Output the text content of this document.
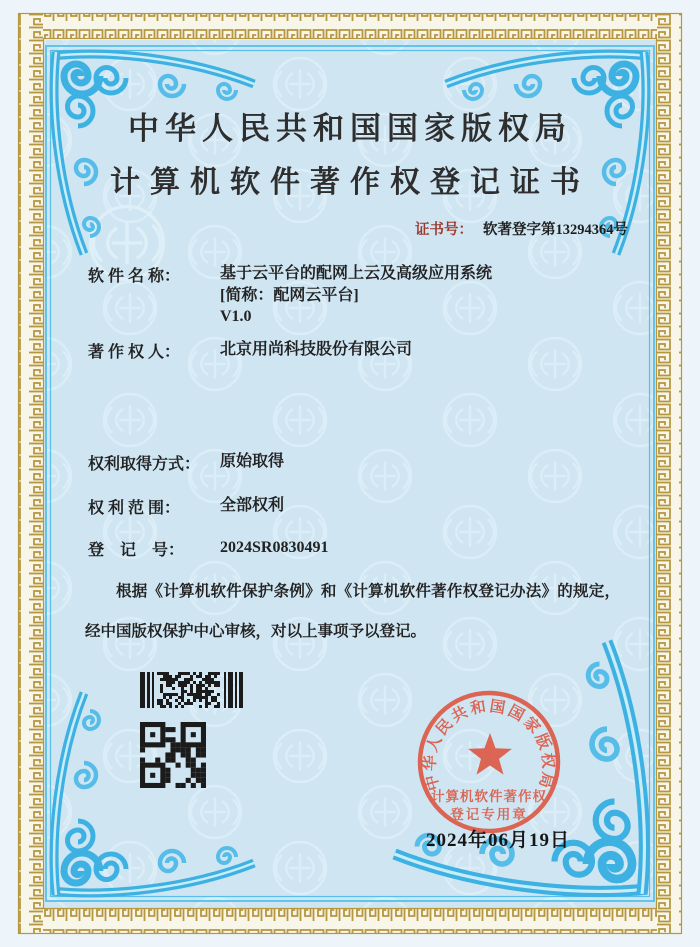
中华人民共和国国家版权局
计算机软件著作权登记证书
证书号： 软著登字第13294364号
软 件 名 称：	基于云平台的配网上云及高级应用系统
[简称：配网云平台]
V1.0
著 作 权 人：	北京用尚科技股份有限公司
权利取得方式：	原始取得
权 利 范 围：	全部权利
登　记　号：	2024SR0830491
根据《计算机软件保护条例》和《计算机软件著作权登记办法》的规定，经中国版权保护中心审核，对以上事项予以登记。
中华人民共和国国家版权局
计算机软件著作权
登记专用章
2024年06月19日
